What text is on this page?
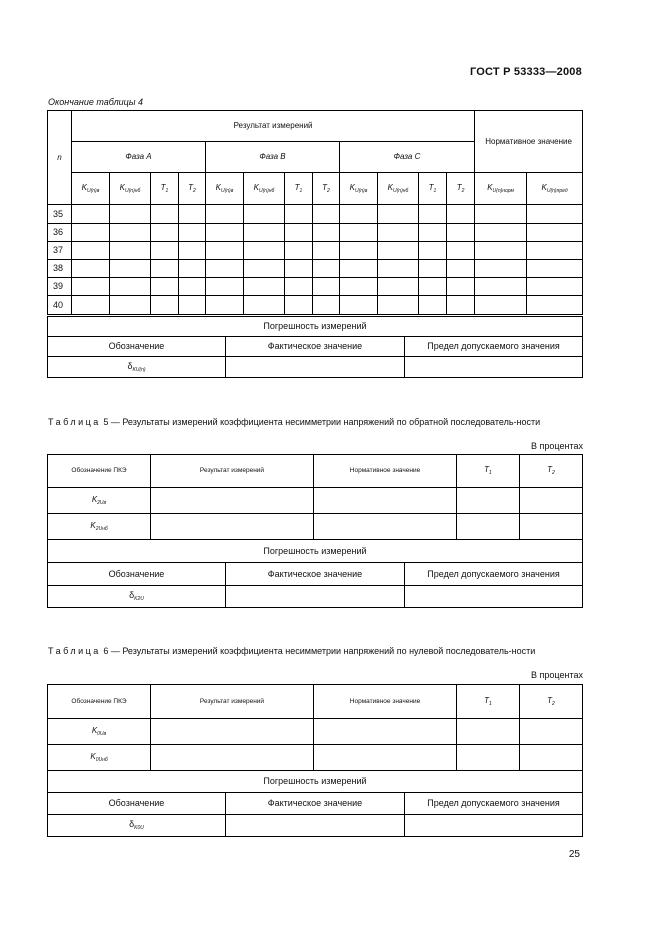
ГОСТ Р 53333—2008
Окончание таблицы 4
n	Результат измерений												Нормативное значение	
	Фаза А				Фаза В				Фаза С					
	$K_{U(n)в}$	$K_{U(n)нб}$	$T_1$	$T_2$	$K_{U(n)в}$	$K_{U(n)нб}$	$T_1$	$T_2$	$K_{U(n)в}$	$K_{U(n)нб}$	$T_1$	$T_2$	$K_{U(n)норм}$	$K_{U(n)пред}$
35														
36														
37														
38														
39														
40														
Погрешность измерений		
Обозначение	Фактическое значение	Предел допускаемого значения
$\delta_{KU(n)}$		
Таблица 5 — Результаты измерений коэффициента несимметрии напряжений по обратной последователь-ности
В процентах
Обозначение ПКЭ	Результат измерений	Нормативное значение	$T_1$	$T_2$
$K_{2Uв}$				
$K_{2Uнб}$				
Погрешность измерений		
Обозначение	Фактическое значение	Предел допускаемого значения
$\delta_{K2U}$		
Таблица 6 — Результаты измерений коэффициента несимметрии напряжений по нулевой последователь-ности
В процентах
Обозначение ПКЭ	Результат измерений	Нормативное значение	$T_1$	$T_2$
$K_{0Uв}$				
$K_{0Uнб}$				
Погрешность измерений		
Обозначение	Фактическое значение	Предел допускаемого значения
$\delta_{K0U}$		
25
